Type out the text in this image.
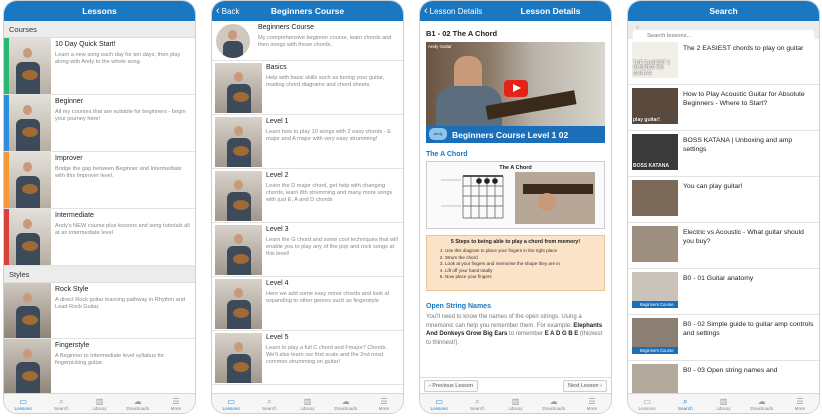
Lessons
Courses
10 Day Quick Start!
Learn a new song each day for ten days, then play along with Andy to the whole song.
Beginner
All my courses that are suitable for beginners - begin your journey here!
Improver
Bridge the gap between Beginner and Intermediate with this Improver level.
Intermediate
Andy's NEW course plus lessons and song tutorials all at an intermediate level
Styles
Rock Style
A direct Rock guitar learning pathway in Rhythm and Lead Rock Guitar.
Fingerstyle
A Beginner to Intermediate level syllabus for fingerpicking guitar.
▭
Lessons
⌕
Search
▥
Library
☁
Downloads
☰
More
‹ Back	Beginners Course
Beginners Course
My comprehensive beginner course, learn chords and then songs with those chords.
Basics
Help with basic skills such as tuning your guitar, reading chord diagrams and chord sheets.
Level 1
Learn how to play 10 songs with 2 easy chords - E major and A major with very easy strumming!
Level 2
Learn the D major chord, get help with changing chords, learn 8th strumming and many more songs with just E, A and D chords
Level 3
Learn the G chord and some cool techniques that will enable you to play any of the pop and rock songs at this level!
Level 4
Here we add some easy minor chords and look at expanding to other genres such as fingerstyle
Level 5
Learn to play a full C chord and Fmajor7 Chords. We'll also learn our first scale and the 2nd most common strumming on guitar!
▭
Lessons
⌕
Search
▥
Library
☁
Downloads
☰
More
‹ Lesson Details	Lesson Details
B1 - 02 The A Chord
Andy Guitar
Beginners Course Level 1 02
Andy
The A Chord
The A Chord
5 Steps to being able to play a chord from memory!
1. Use this diagram to place your fingers in the right place
2. Strum the chord
3. Look at your fingers and memorise the shape they are in
4. Lift off your hand totally
5. Now place your fingers
Open String Names
You'll need to know the names of the open strings. Using a mnemonic can help you remember them. For example: Elephants And Donkeys Grow Big Ears to remember E A D G B E (thickest to thinnest!).
‹ Previous Lesson	Next Lesson ›
▭
Lessons
⌕
Search
▥
Library
☁
Downloads
☰
More
Search
Search lessons...
THE EASIEST 2 CHORDS ON GUITAR
The 2 EASIEST chords to play on guitar
play guitar!
How to Play Acoustic Guitar for Absolute Beginners - Where to Start?
BOSS KATANA
BOSS KATANA | Unboxing and amp settings
You can play guitar!
Electric vs Acoustic - What guitar should you buy?
Beginners Course
B0 - 01 Guitar anatomy
Beginners Course
B0 - 02 Simple guide to guitar amp controls and settings
B0 - 03 Open string names and
⌕
▭
Lessons
⌕
Search
▥
Library
☁
Downloads
☰
More
